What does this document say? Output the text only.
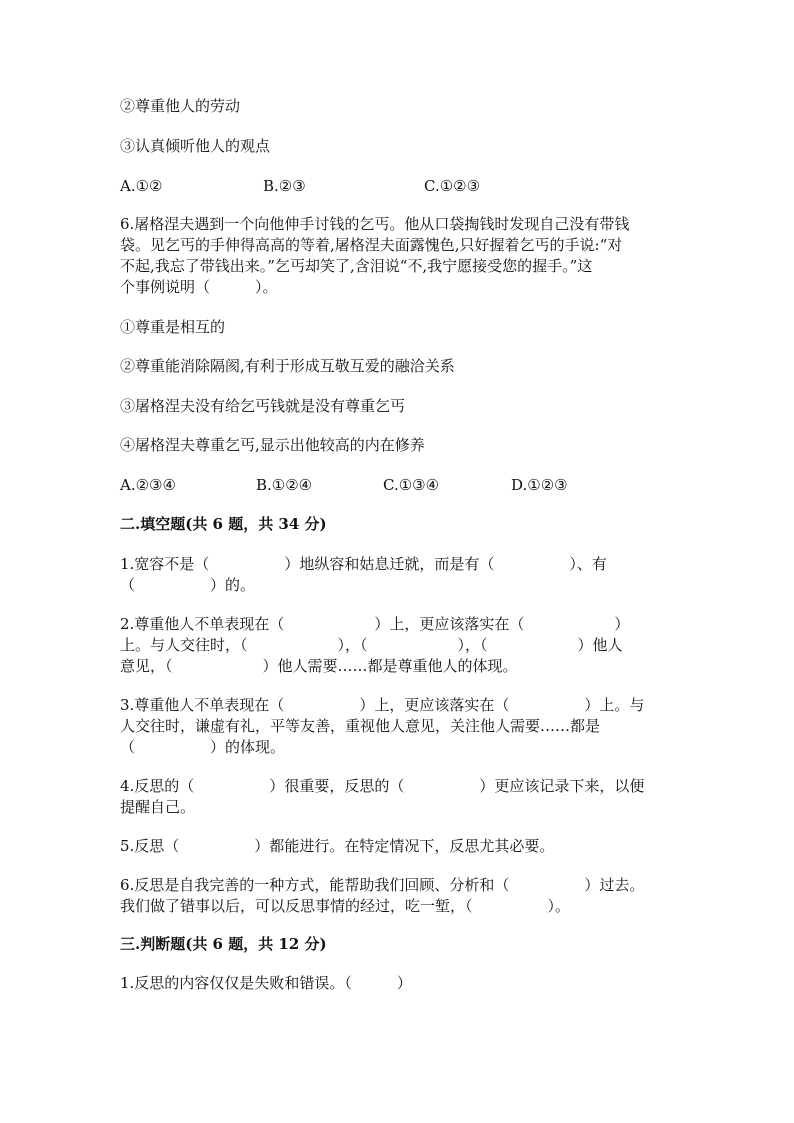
②尊重他人的劳动

③认真倾听他人的观点

A.①②	B.②③	C.①②③

6.屠格涅夫遇到一个向他伸手讨钱的乞丐。他从口袋掏钱时发现自己没有带钱

袋。见乞丐的手伸得高高的等着,屠格涅夫面露愧色,只好握着乞丐的手说:“对

不起,我忘了带钱出来。”乞丐却笑了,含泪说“不,我宁愿接受您的握手。”这

个事例说明（　　　）。

①尊重是相互的

②尊重能消除隔阂,有利于形成互敬互爱的融洽关系

③屠格涅夫没有给乞丐钱就是没有尊重乞丐

④屠格涅夫尊重乞丐,显示出他较高的内在修养

A.②③④	B.①②④	C.①③④	D.①②③

二.填空题(共 6 题，共 34 分)

1.宽容不是（　　　　　）地纵容和姑息迁就，而是有（　　　　　）、有

（　　　　　）的。

2.尊重他人不单表现在（　　　　　　）上，更应该落实在（　　　　　　）

上。与人交往时，（　　　　　　），（　　　　　　），（　　　　　　）他人

意见，（　　　　　　）他人需要……都是尊重他人的体现。

3.尊重他人不单表现在（　　　　　）上，更应该落实在（　　　　　）上。与

人交往时，谦虚有礼，平等友善，重视他人意见，关注他人需要……都是

（　　　　　）的体现。

4.反思的（　　　　　）很重要，反思的（　　　　　）更应该记录下来，以便

提醒自己。

5.反思（　　　　　）都能进行。在特定情况下，反思尤其必要。

6.反思是自我完善的一种方式，能帮助我们回顾、分析和（　　　　　）过去。

我们做了错事以后，可以反思事情的经过，吃一堑，（　　　　　）。

三.判断题(共 6 题，共 12 分)

1.反思的内容仅仅是失败和错误。（　　　）
